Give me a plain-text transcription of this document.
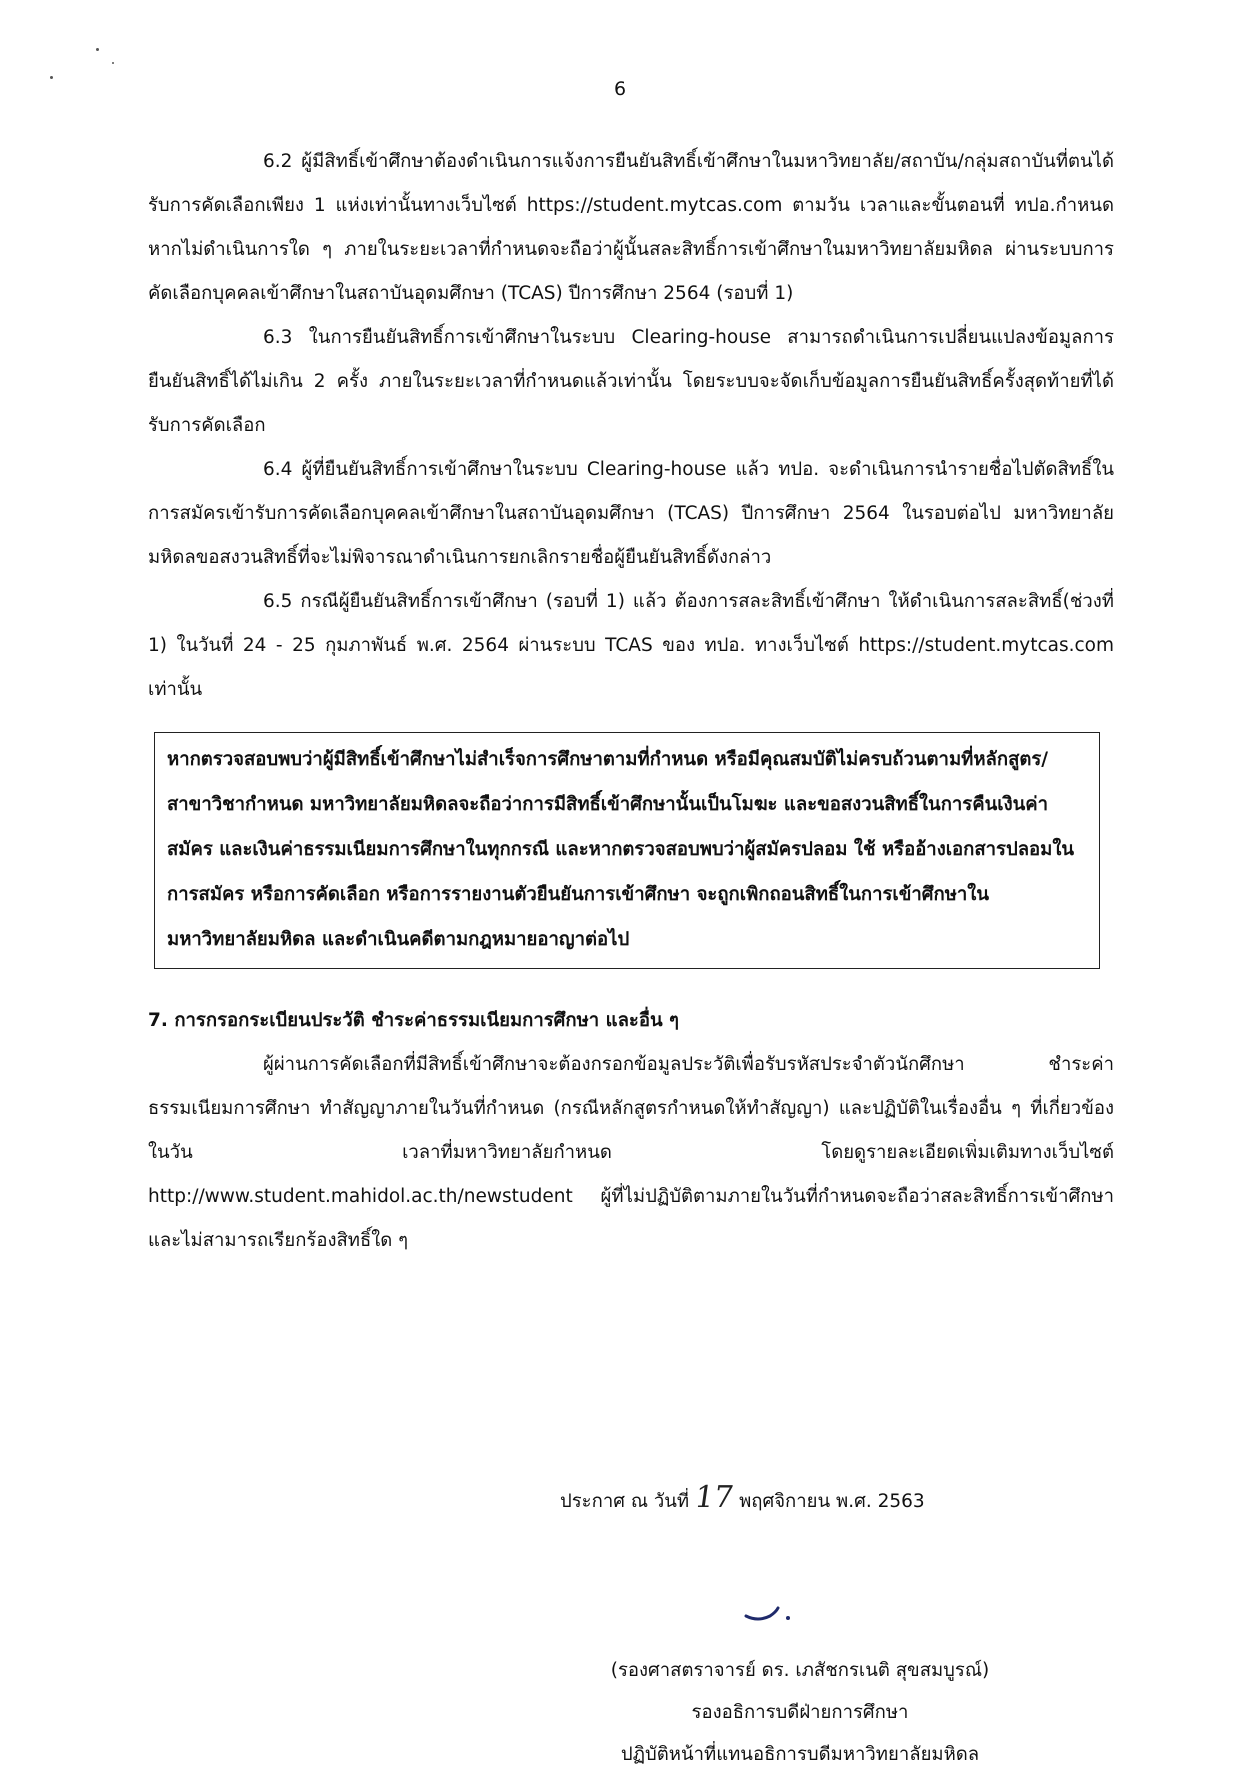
6

6.2 ผู้มีสิทธิ์เข้าศึกษาต้องดำเนินการแจ้งการยืนยันสิทธิ์เข้าศึกษาในมหาวิทยาลัย/สถาบัน/กลุ่มสถาบันที่ตนได้รับการคัดเลือกเพียง 1 แห่งเท่านั้นทางเว็บไซต์ https://student.mytcas.com ตามวัน เวลาและขั้นตอนที่ ทปอ.กำหนด หากไม่ดำเนินการใด ๆ ภายในระยะเวลาที่กำหนดจะถือว่าผู้นั้นสละสิทธิ์การเข้าศึกษาในมหาวิทยาลัยมหิดล ผ่านระบบการคัดเลือกบุคคลเข้าศึกษาในสถาบันอุดมศึกษา (TCAS) ปีการศึกษา 2564 (รอบที่ 1)

6.3 ในการยืนยันสิทธิ์การเข้าศึกษาในระบบ Clearing-house สามารถดำเนินการเปลี่ยนแปลงข้อมูลการยืนยันสิทธิ์ได้ไม่เกิน 2 ครั้ง ภายในระยะเวลาที่กำหนดแล้วเท่านั้น โดยระบบจะจัดเก็บข้อมูลการยืนยันสิทธิ์ครั้งสุดท้ายที่ได้รับการคัดเลือก

6.4 ผู้ที่ยืนยันสิทธิ์การเข้าศึกษาในระบบ Clearing-house แล้ว ทปอ. จะดำเนินการนำรายชื่อไปตัดสิทธิ์ในการสมัครเข้ารับการคัดเลือกบุคคลเข้าศึกษาในสถาบันอุดมศึกษา (TCAS) ปีการศึกษา 2564 ในรอบต่อไป มหาวิทยาลัยมหิดลขอสงวนสิทธิ์ที่จะไม่พิจารณาดำเนินการยกเลิกรายชื่อผู้ยืนยันสิทธิ์ดังกล่าว

6.5 กรณีผู้ยืนยันสิทธิ์การเข้าศึกษา (รอบที่ 1) แล้ว ต้องการสละสิทธิ์เข้าศึกษา ให้ดำเนินการสละสิทธิ์(ช่วงที่ 1) ในวันที่ 24 - 25 กุมภาพันธ์ พ.ศ. 2564 ผ่านระบบ TCAS ของ ทปอ. ทางเว็บไซต์ https://student.mytcas.com เท่านั้น

หากตรวจสอบพบว่าผู้มีสิทธิ์เข้าศึกษาไม่สำเร็จการศึกษาตามที่กำหนด หรือมีคุณสมบัติไม่ครบถ้วนตามที่หลักสูตร/สาขาวิชากำหนด มหาวิทยาลัยมหิดลจะถือว่าการมีสิทธิ์เข้าศึกษานั้นเป็นโมฆะ และขอสงวนสิทธิ์ในการคืนเงินค่าสมัคร และเงินค่าธรรมเนียมการศึกษาในทุกกรณี และหากตรวจสอบพบว่าผู้สมัครปลอม ใช้ หรืออ้างเอกสารปลอมในการสมัคร หรือการคัดเลือก หรือการรายงานตัวยืนยันการเข้าศึกษา จะถูกเพิกถอนสิทธิ์ในการเข้าศึกษาในมหาวิทยาลัยมหิดล และดำเนินคดีตามกฎหมายอาญาต่อไป

7. การกรอกระเบียนประวัติ ชำระค่าธรรมเนียมการศึกษา และอื่น ๆ

ผู้ผ่านการคัดเลือกที่มีสิทธิ์เข้าศึกษาจะต้องกรอกข้อมูลประวัติเพื่อรับรหัสประจำตัวนักศึกษา ชำระค่าธรรมเนียมการศึกษา ทำสัญญาภายในวันที่กำหนด (กรณีหลักสูตรกำหนดให้ทำสัญญา) และปฏิบัติในเรื่องอื่น ๆ ที่เกี่ยวข้องในวัน เวลาที่มหาวิทยาลัยกำหนด โดยดูรายละเอียดเพิ่มเติมทางเว็บไซต์ http://www.student.mahidol.ac.th/newstudent ผู้ที่ไม่ปฏิบัติตามภายในวันที่กำหนดจะถือว่าสละสิทธิ์การเข้าศึกษาและไม่สามารถเรียกร้องสิทธิ์ใด ๆ

ประกาศ ณ วันที่ 17 พฤศจิกายน พ.ศ. 2563
(รองศาสตราจารย์ ดร. เภสัชกรเนติ สุขสมบูรณ์)
รองอธิการบดีฝ่ายการศึกษา
ปฏิบัติหน้าที่แทนอธิการบดีมหาวิทยาลัยมหิดล
